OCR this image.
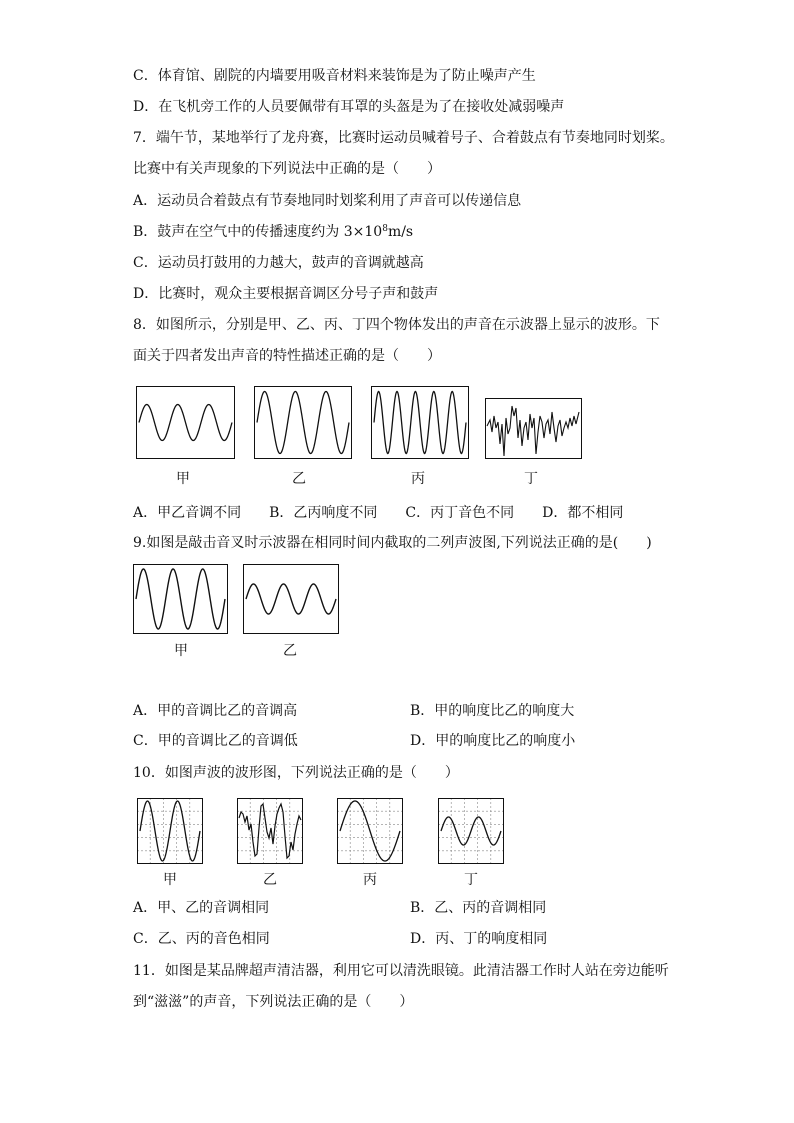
C．体育馆、剧院的内墙要用吸音材料来装饰是为了防止噪声产生
D．在飞机旁工作的人员要佩带有耳罩的头盔是为了在接收处减弱噪声
7．端午节，某地举行了龙舟赛，比赛时运动员喊着号子、合着鼓点有节奏地同时划桨。
比赛中有关声现象的下列说法中正确的是（　　）
A．运动员合着鼓点有节奏地同时划桨利用了声音可以传递信息
B．鼓声在空气中的传播速度约为 $3\times 10^8m/s$
C．运动员打鼓用的力越大，鼓声的音调就越高
D．比赛时，观众主要根据音调区分号子声和鼓声
8．如图所示，分别是甲、乙、丙、丁四个物体发出的声音在示波器上显示的波形。下
面关于四者发出声音的特性描述正确的是（　　）
甲	乙	丙	丁
A．甲乙音调不同　　B．乙丙响度不同　　C．丙丁音色不同　　D．都不相同
9.如图是敲击音叉时示波器在相同时间内截取的二列声波图,下列说法正确的是(　　)
甲	乙
A．甲的音调比乙的音调高	B．甲的响度比乙的响度大
C．甲的音调比乙的音调低	D．甲的响度比乙的响度小
10．如图声波的波形图，下列说法正确的是（　　）
甲	乙	丙	丁
A．甲、乙的音调相同	B．乙、丙的音调相同
C．乙、丙的音色相同	D．丙、丁的响度相同
11．如图是某品牌超声清洁器，利用它可以清洗眼镜。此清洁器工作时人站在旁边能听
到“滋滋”的声音，下列说法正确的是（　　）
